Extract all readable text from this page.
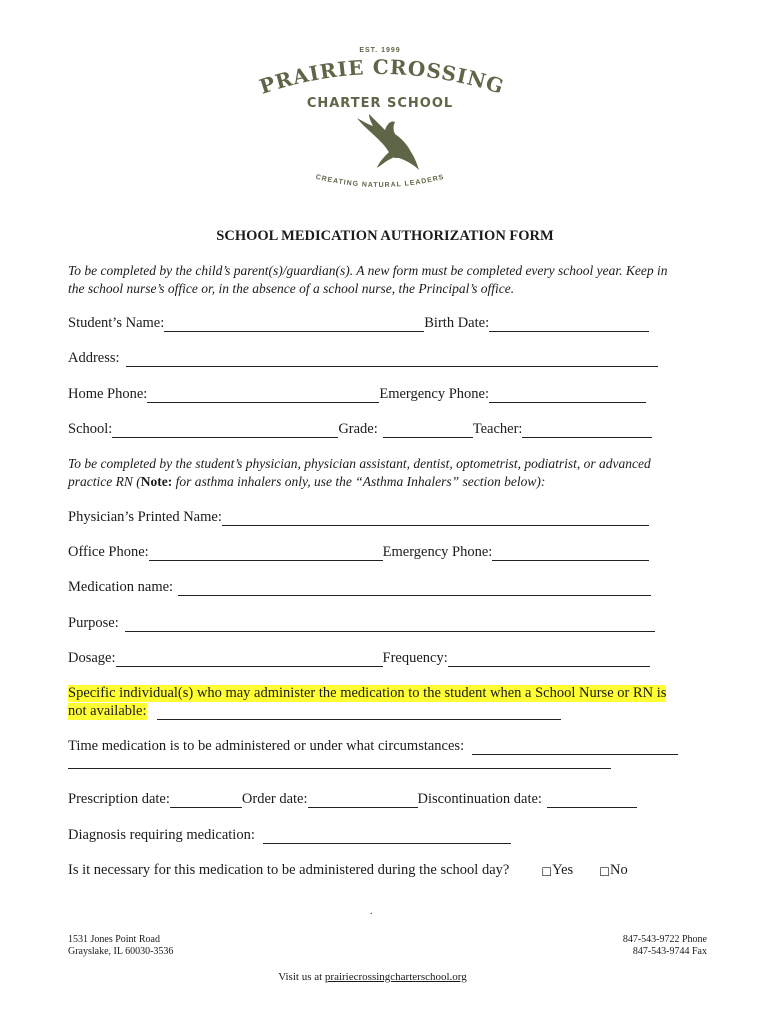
EST. 1999
PRAIRIE CROSSING
CHARTER SCHOOL
CREATING NATURAL LEADERS
SCHOOL MEDICATION AUTHORIZATION FORM
To be completed by the child’s parent(s)/guardian(s). A new form must be completed every school year. Keep in
the school nurse’s office or, in the absence of a school nurse, the Principal’s office.
Student’s Name:	Birth Date:
Address:
Home Phone:	Emergency Phone:
School:	Grade:	Teacher:
To be completed by the student’s physician, physician assistant, dentist, optometrist, podiatrist, or advanced
practice RN (Note: for asthma inhalers only, use the “Asthma Inhalers” section below):
Physician’s Printed Name:
Office Phone:	Emergency Phone:
Medication name:
Purpose:
Dosage:	Frequency:
Specific individual(s) who may administer the medication to the student when a School Nurse or RN is
not available:
Time medication is to be administered or under what circumstances:
Prescription date:	Order date:	Discontinuation date:
Diagnosis requiring medication:
Is it necessary for this medication to be administered during the school day?	☐ Yes ☐ No
.
1531 Jones Point Road
Grayslake, IL 60030-3536
847-543-9722 Phone
847-543-9744 Fax
Visit us at prairiecrossingcharterschool.org
